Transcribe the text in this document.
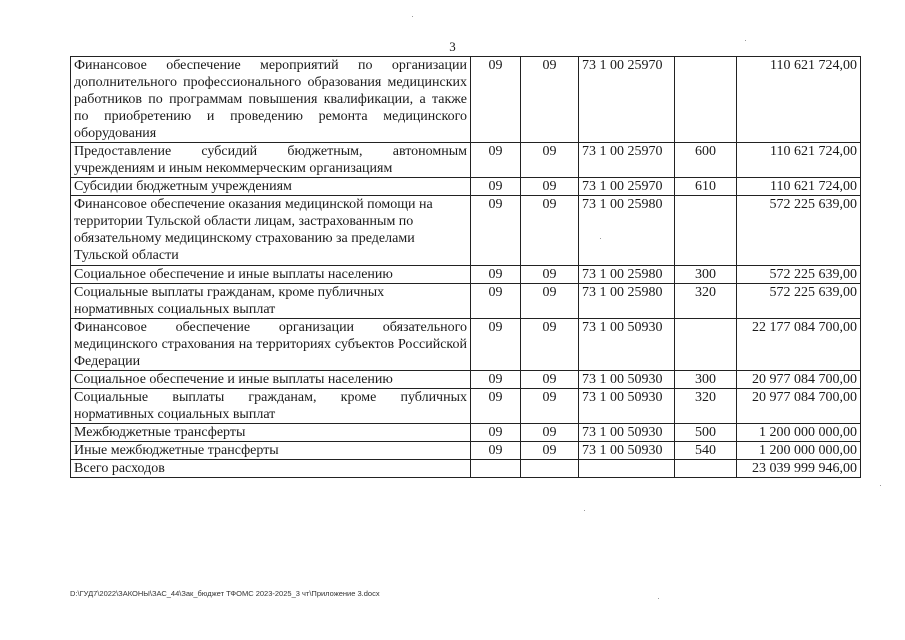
3
Финансовое обеспечение мероприятий по организации дополнительного профессионального образования медицинских работников по программам повышения квалификации, а также по приобретению и проведению ремонта медицинского оборудования	09	09	73 1 00 25970		110 621 724,00
Предоставление субсидий бюджетным, автономным учреждениям и иным некоммерческим организациям	09	09	73 1 00 25970	600	110 621 724,00
Субсидии бюджетным учреждениям	09	09	73 1 00 25970	610	110 621 724,00
Финансовое обеспечение оказания медицинской помощи на территории Тульской области лицам, застрахованным по обязательному медицинскому страхованию за пределами Тульской области	09	09	73 1 00 25980		572 225 639,00
Социальное обеспечение и иные выплаты населению	09	09	73 1 00 25980	300	572 225 639,00
Социальные выплаты гражданам, кроме публичных нормативных социальных выплат	09	09	73 1 00 25980	320	572 225 639,00
Финансовое обеспечение организации обязательного медицинского страхования на территориях субъектов Российской Федерации	09	09	73 1 00 50930		22 177 084 700,00
Социальное обеспечение и иные выплаты населению	09	09	73 1 00 50930	300	20 977 084 700,00
Социальные выплаты гражданам, кроме публичных нормативных социальных выплат	09	09	73 1 00 50930	320	20 977 084 700,00
Межбюджетные трансферты	09	09	73 1 00 50930	500	1 200 000 000,00
Иные межбюджетные трансферты	09	09	73 1 00 50930	540	1 200 000 000,00
Всего расходов					23 039 999 946,00
D:\ГУД7\2022\ЗАКОНЫ\ЗАС_44\Зак_бюджет ТФОМС 2023-2025_3 чт\Приложение 3.docx
